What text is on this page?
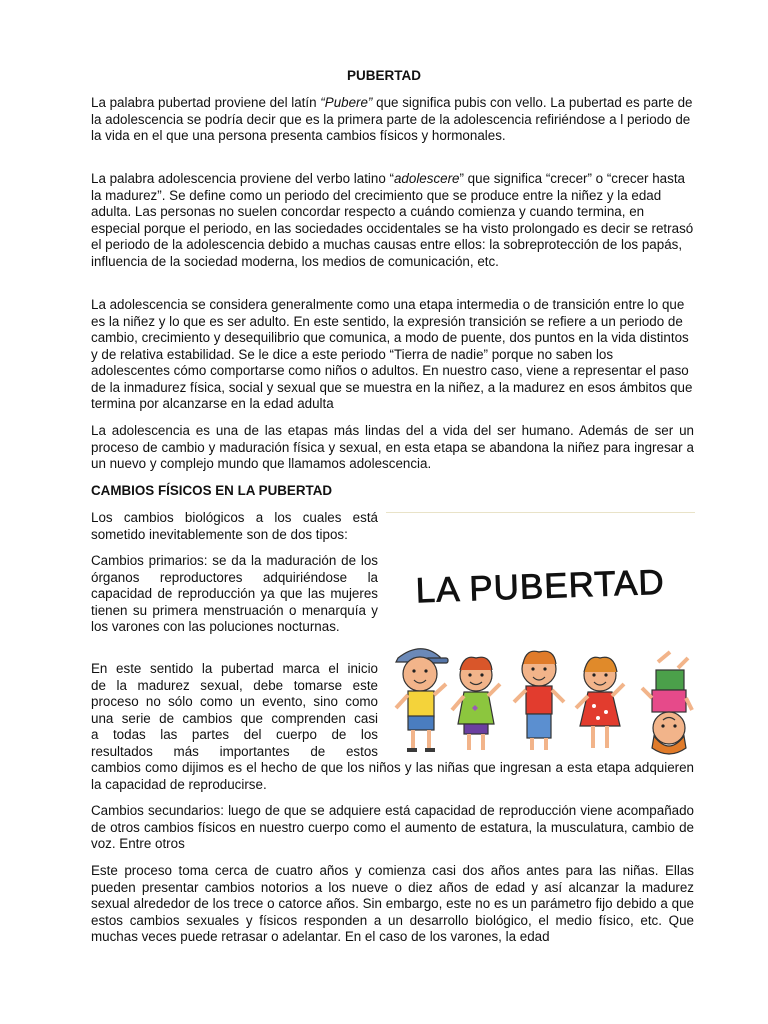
PUBERTAD

La palabra pubertad proviene del latín “Pubere” que significa pubis con vello. La pubertad es parte de la adolescencia se podría decir que es la primera parte de la adolescencia refiriéndose a l periodo de la vida en el que una persona presenta cambios físicos y hormonales.

La palabra adolescencia proviene del verbo latino “adolescere” que significa “crecer” o “crecer hasta la madurez”. Se define como un periodo del crecimiento que se produce entre la niñez y la edad adulta. Las personas no suelen concordar respecto a cuándo comienza y cuando termina, en especial porque el periodo, en las sociedades occidentales se ha visto prolongado es decir se retrasó el periodo de la adolescencia debido a muchas causas entre ellos: la sobreprotección de los papás, influencia de la sociedad moderna, los medios de comunicación, etc.

La adolescencia se considera generalmente como una etapa intermedia o de transición entre lo que es la niñez y lo que es ser adulto. En este sentido, la expresión transición se refiere a un periodo de cambio, crecimiento y desequilibrio que comunica, a modo de puente, dos puntos en la vida distintos y de relativa estabilidad. Se le dice a este periodo “Tierra de nadie” porque no saben los adolescentes cómo comportarse como niños o adultos. En nuestro caso, viene a representar el paso de la inmadurez física, social y sexual que se muestra en la niñez, a la madurez en esos ámbitos que termina por alcanzarse en la edad adulta

La adolescencia es una de las etapas más lindas del a vida del ser humano. Además de ser un proceso de cambio y maduración física y sexual, en esta etapa se abandona la niñez para ingresar a un nuevo y complejo mundo que llamamos adolescencia.

CAMBIOS FÍSICOS EN LA PUBERTAD

Los cambios biológicos a los cuales está sometido inevitablemente son de dos tipos:

Cambios primarios: se da la maduración de los órganos reproductores adquiriéndose la capacidad de reproducción ya que las mujeres tienen su primera menstruación o menarquía y los varones con las poluciones nocturnas.

En este sentido la pubertad marca el inicio
de la madurez sexual, debe tomarse este
proceso no sólo como un evento, sino como
una serie de cambios que comprenden casi
a todas las partes del cuerpo de los
resultados más importantes de estos
cambios como dijimos es el hecho de que los niños y las niñas que ingresan a esta etapa adquieren la capacidad de reproducirse.

Cambios secundarios: luego de que se adquiere está capacidad de reproducción viene acompañado de otros cambios físicos en nuestro cuerpo como el aumento de estatura, la musculatura, cambio de voz. Entre otros

Este proceso toma cerca de cuatro años y comienza casi dos años antes para las niñas. Ellas pueden presentar cambios notorios a los nueve o diez años de edad y así alcanzar la madurez sexual alrededor de los trece o catorce años. Sin embargo, este no es un parámetro fijo debido a que estos cambios sexuales y físicos responden a un desarrollo biológico, el medio físico, etc. Que muchas veces puede retrasar o adelantar. En el caso de los varones, la edad

LA PUBERTAD
